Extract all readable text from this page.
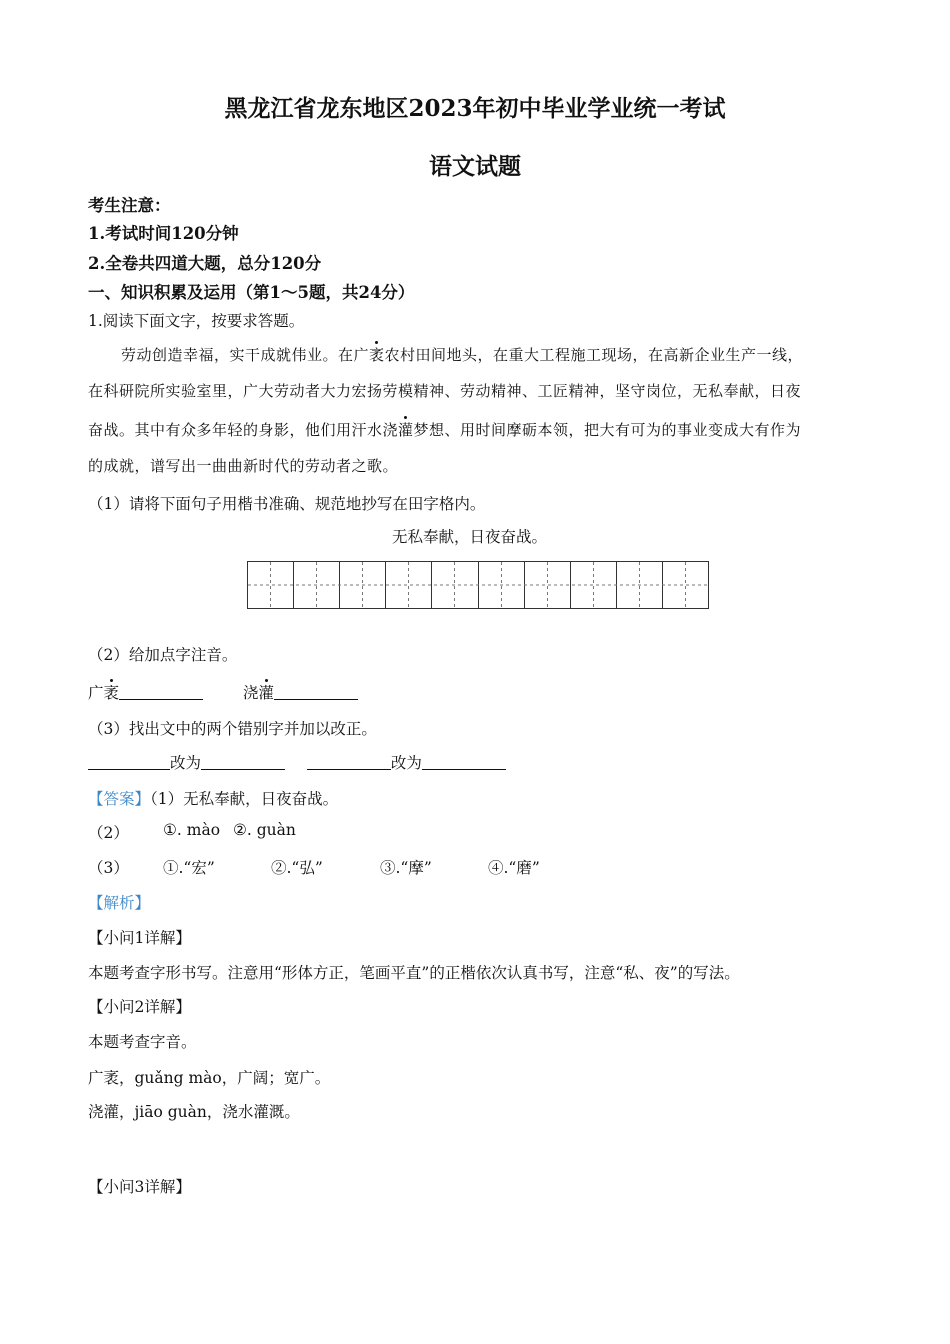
黑龙江省龙东地区2023年初中毕业学业统一考试
语文试题
考生注意：
1.考试时间120分钟
2.全卷共四道大题，总分120分
一、知识积累及运用（第1～5题，共24分）
1.阅读下面文字，按要求答题。
劳动创造幸福，实干成就伟业。在广袤农村田间地头，在重大工程施工现场，在高新企业生产一线，
在科研院所实验室里，广大劳动者大力宏扬劳模精神、劳动精神、工匠精神，坚守岗位，无私奉献，日夜
奋战。其中有众多年轻的身影，他们用汗水浇灌梦想、用时间摩砺本领，把大有可为的事业变成大有作为
的成就，谱写出一曲曲新时代的劳动者之歌。
（1）请将下面句子用楷书准确、规范地抄写在田字格内。
无私奉献，日夜奋战。
（2）给加点字注音。
广袤	浇灌
（3）找出文中的两个错别字并加以改正。
改为	改为
【答案】（1）无私奉献，日夜奋战。
（2） ①. mào ②. guàn
（3） ①.“宏”	②.“弘”	③.“摩”	④.“磨”
【解析】
【小问1详解】
本题考查字形书写。注意用“形体方正，笔画平直”的正楷依次认真书写，注意“私、夜”的写法。
【小问2详解】
本题考查字音。
广袤，guǎng mào，广阔；宽广。
浇灌，jiāo guàn，浇水灌溉。
【小问3详解】
